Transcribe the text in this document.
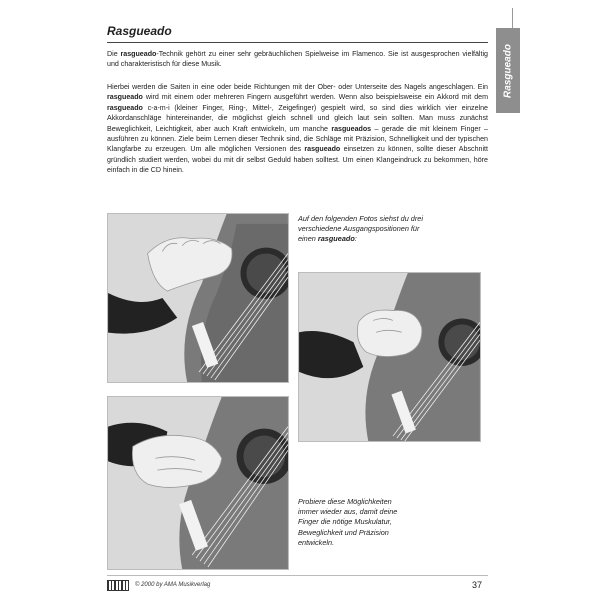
Rasgueado
Rasgueado
Die rasgueado-Technik gehört zu einer sehr gebräuchlichen Spielweise im Flamenco. Sie ist ausgesprochen vielfältig und charakteristisch für diese Musik.
Hierbei werden die Saiten in eine oder beide Richtungen mit der Ober- oder Unterseite des Nagels angeschlagen. Ein rasgueado wird mit einem oder mehreren Fingern ausgeführt werden. Wenn also beispielsweise ein Akkord mit dem rasgueado c-a-m-i (kleiner Finger, Ring-, Mittel-, Zeigefinger) gespielt wird, so sind dies wirklich vier einzelne Akkordanschläge hintereinander, die möglichst gleich schnell und gleich laut sein sollten. Man muss zunächst Beweglichkeit, Leichtigkeit, aber auch Kraft entwickeln, um manche rasgueados – gerade die mit kleinem Finger – ausführen zu können. Ziele beim Lernen dieser Technik sind, die Schläge mit Präzision, Schnelligkeit und der typischen Klangfarbe zu erzeugen. Um alle möglichen Versionen des rasgueado einsetzen zu können, sollte dieser Abschnitt gründlich studiert werden, wobei du mit dir selbst Geduld haben solltest. Um einen Klangeindruck zu bekommen, höre einfach in die CD hinein.
Auf den folgenden Fotos siehst du drei verschiedene Ausgangspositionen für einen rasgueado:
Probiere diese Möglichkeiten immer wieder aus, damit deine Finger die nötige Muskulatur, Beweglichkeit und Präzision entwickeln.
© 2000 by AMA Musikverlag	37
